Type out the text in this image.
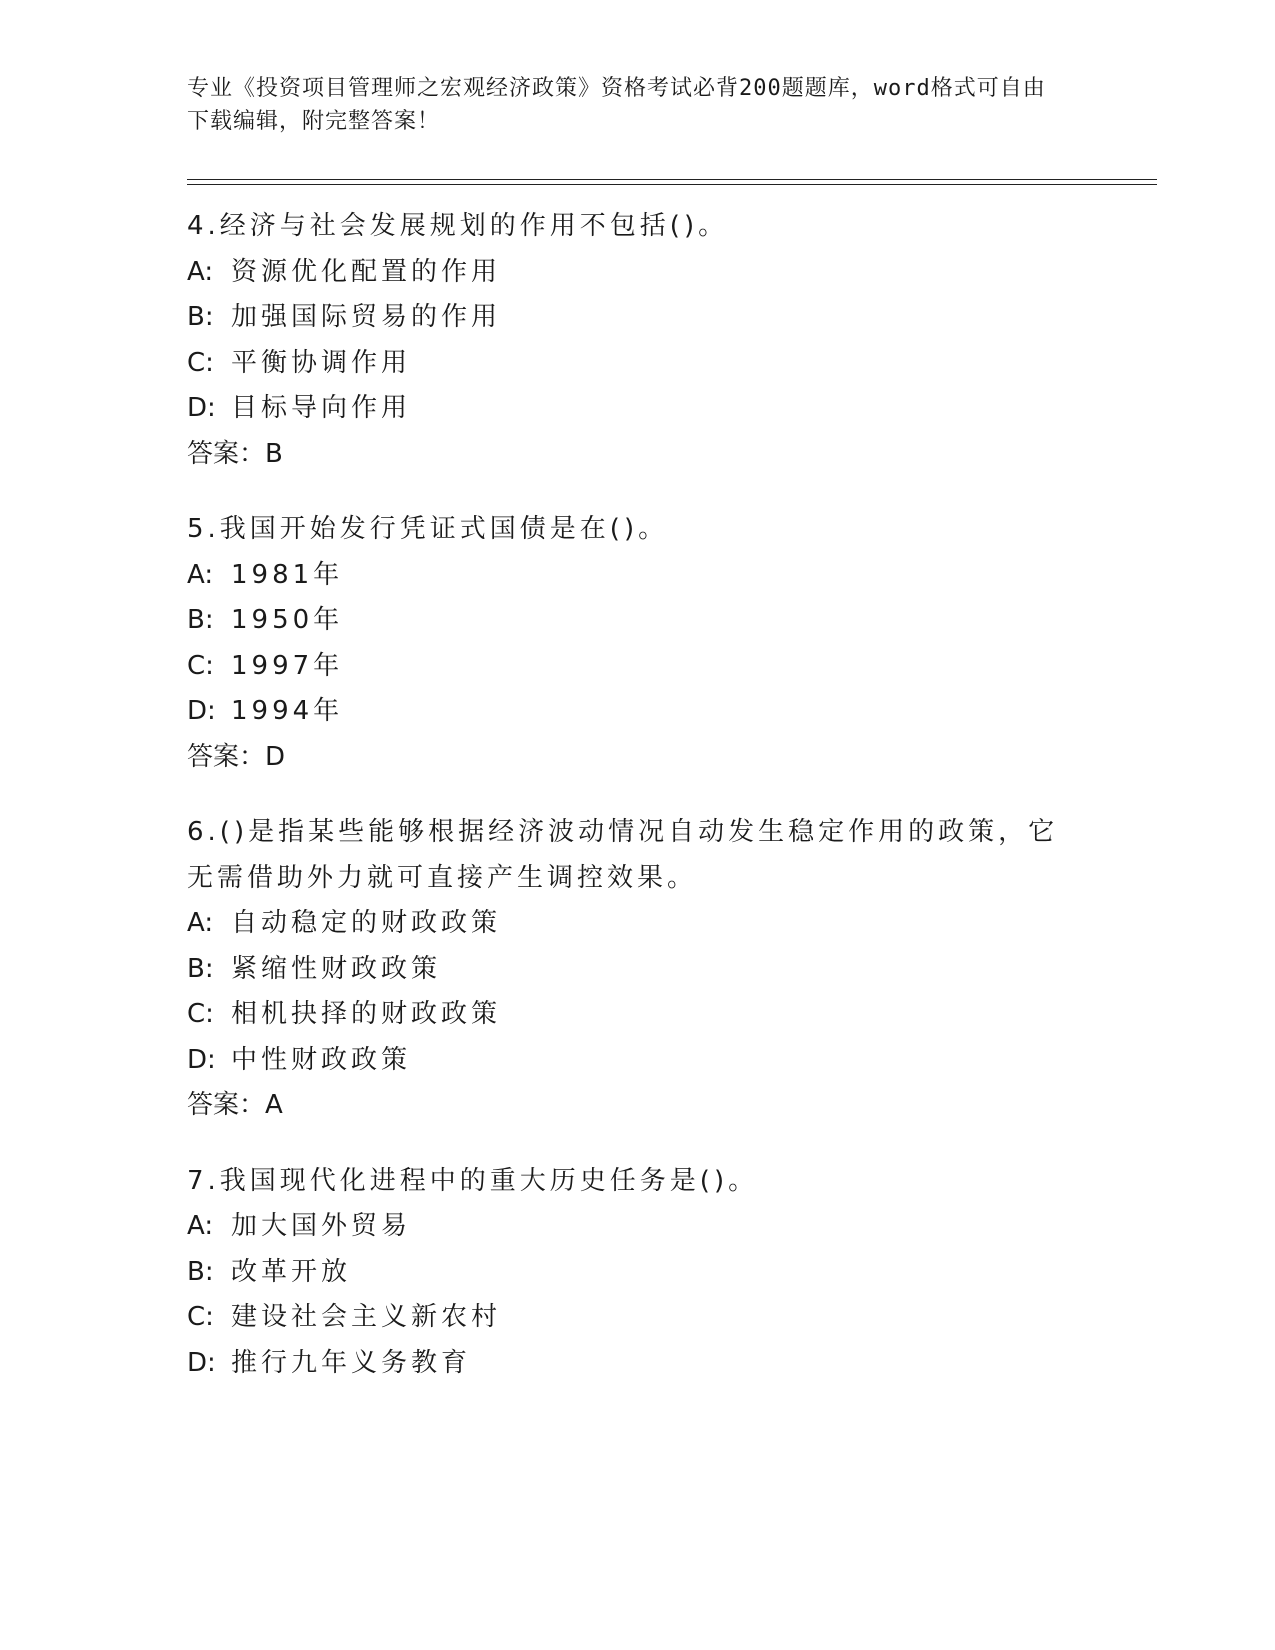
专业《投资项目管理师之宏观经济政策》资格考试必背200题题库，word格式可自由下载编辑，附完整答案！
4.经济与社会发展规划的作用不包括()。
A: 资源优化配置的作用
B: 加强国际贸易的作用
C: 平衡协调作用
D: 目标导向作用
答案：B
5.我国开始发行凭证式国债是在()。
A: 1981年
B: 1950年
C: 1997年
D: 1994年
答案：D
6.()是指某些能够根据经济波动情况自动发生稳定作用的政策，它无需借助外力就可直接产生调控效果。
A: 自动稳定的财政政策
B: 紧缩性财政政策
C: 相机抉择的财政政策
D: 中性财政政策
答案：A
7.我国现代化进程中的重大历史任务是()。
A: 加大国外贸易
B: 改革开放
C: 建设社会主义新农村
D: 推行九年义务教育
